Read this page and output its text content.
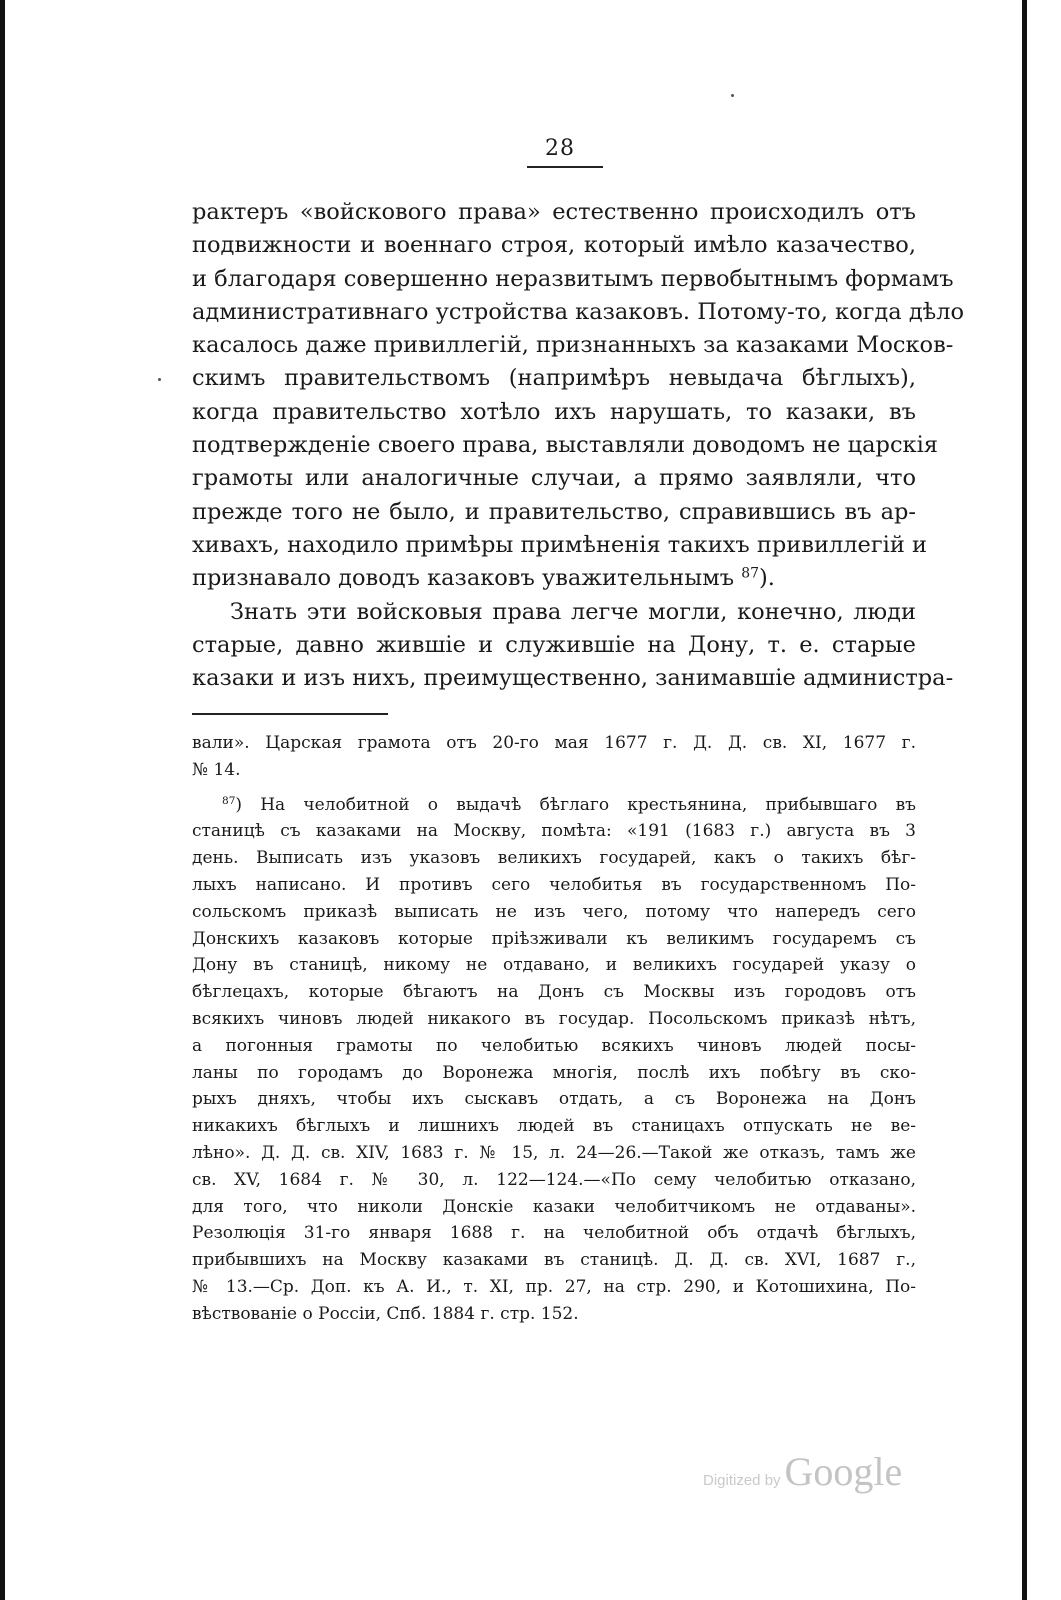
28
рактеръ «войскового права» естественно происходилъ отъ
подвижности и военнаго строя, который имѣло казачество,
и благодаря совершенно неразвитымъ первобытнымъ формамъ
административнаго устройства казаковъ. Потому-то, когда дѣло
касалось даже привиллегій, признанныхъ за казаками Москов-
скимъ правительствомъ (напримѣръ невыдача бѣглыхъ),
когда правительство хотѣло ихъ нарушать, то казаки, въ
подтвержденіе своего права, выставляли доводомъ не царскія
грамоты или аналогичные случаи, а прямо заявляли, что
прежде того не было, и правительство, справившись въ ар-
хивахъ, находило примѣры примѣненія такихъ привиллегій и
признавало доводъ казаковъ уважительнымъ $^{87}$).
Знать эти войсковыя права легче могли, конечно, люди
старые, давно жившіе и служившіе на Дону, т. е. старые
казаки и изъ нихъ, преимущественно, занимавшіе администра-
вали». Царская грамота отъ 20-го мая 1677 г. Д. Д. св. XI, 1677 г.
№ 14.
$^{87}$) На челобитной о выдачѣ бѣглаго крестьянина, прибывшаго въ
станицѣ съ казаками на Москву, помѣта: «191 (1683 г.) августа въ 3
день. Выписать изъ указовъ великихъ государей, какъ о такихъ бѣг-
лыхъ написано. И противъ сего челобитья въ государственномъ По-
сольскомъ приказѣ выписать не изъ чего, потому что напередъ сего
Донскихъ казаковъ которые пріѣзживали къ великимъ государемъ съ
Дону въ станицѣ, никому не отдавано, и великихъ государей указу о
бѣглецахъ, которые бѣгаютъ на Донъ съ Москвы изъ городовъ отъ
всякихъ чиновъ людей никакого въ государ. Посольскомъ приказѣ нѣтъ,
а погонныя грамоты по челобитью всякихъ чиновъ людей посы-
ланы по городамъ до Воронежа многія, послѣ ихъ побѣгу въ ско-
рыхъ дняхъ, чтобы ихъ сыскавъ отдать, а съ Воронежа на Донъ
никакихъ бѣглыхъ и лишнихъ людей въ станицахъ отпускать не ве-
лѣно». Д. Д. св. XIV, 1683 г. № 15, л. 24—26.—Такой же отказъ, тамъ же
св. XV, 1684 г. № 30, л. 122—124.—«По сему челобитью отказано,
для того, что николи Донскіе казаки челобитчикомъ не отдаваны».
Резолюція 31-го января 1688 г. на челобитной объ отдачѣ бѣглыхъ,
прибывшихъ на Москву казаками въ станицѣ. Д. Д. св. XVI, 1687 г.,
№ 13.—Ср. Доп. къ А. И., т. XI, пр. 27, на стр. 290, и Котошихина, По-
вѣствованіе о Россіи, Спб. 1884 г. стр. 152.
Digitized by Google
